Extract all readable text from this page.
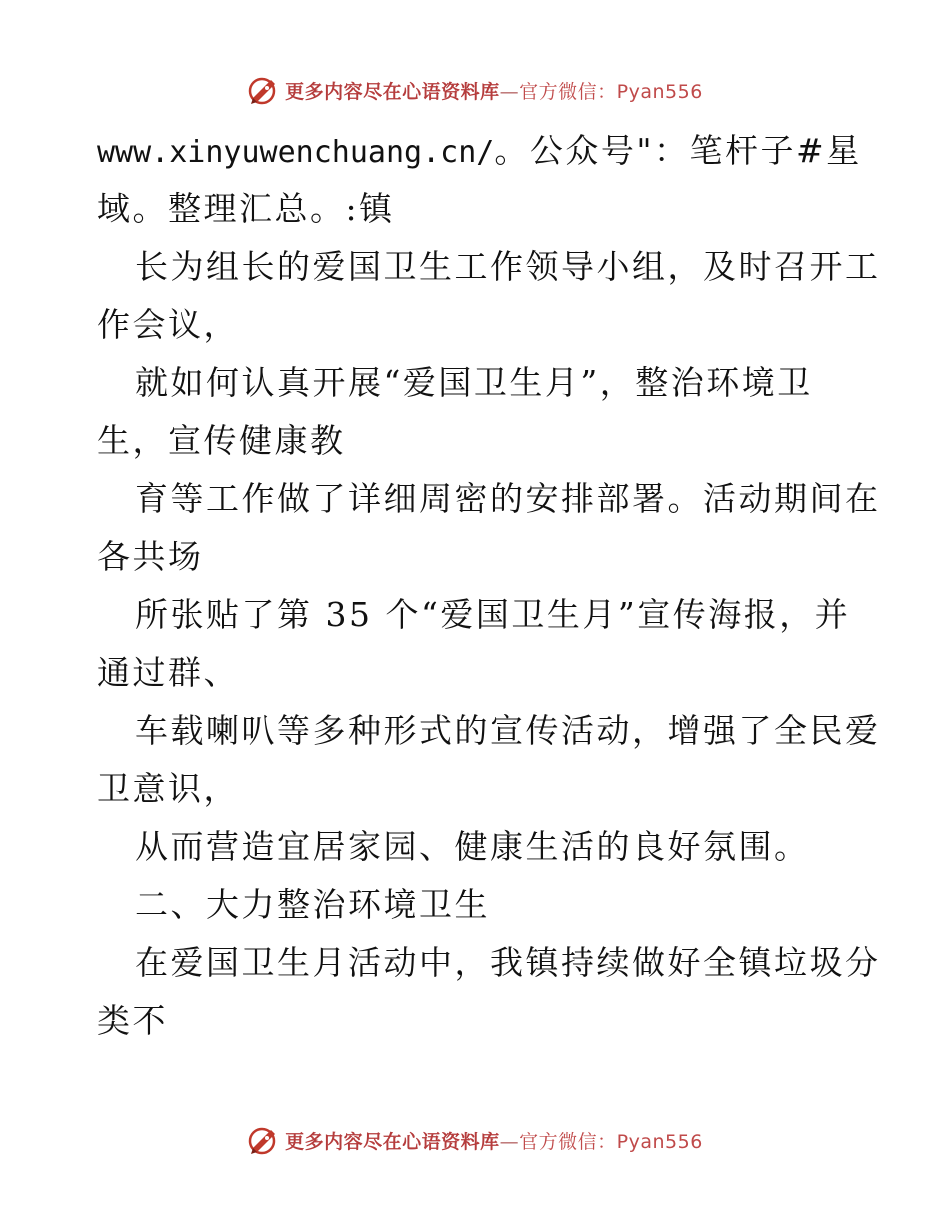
更多内容尽在心语资料库—官方微信：Pyan556
www.xinyuwenchuang.cn/。公众号"：笔杆子#星
域。整理汇总。:镇
长为组长的爱国卫生工作领导小组，及时召开工
作会议，
就如何认真开展“爱国卫生月”，整治环境卫
生，宣传健康教
育等工作做了详细周密的安排部署。活动期间在
各共场
所张贴了第 35 个“爱国卫生月”宣传海报，并
通过群、
车载喇叭等多种形式的宣传活动，增强了全民爱
卫意识，
从而营造宜居家园、健康生活的良好氛围。
二、大力整治环境卫生
在爱国卫生月活动中，我镇持续做好全镇垃圾分
类不
更多内容尽在心语资料库—官方微信：Pyan556
